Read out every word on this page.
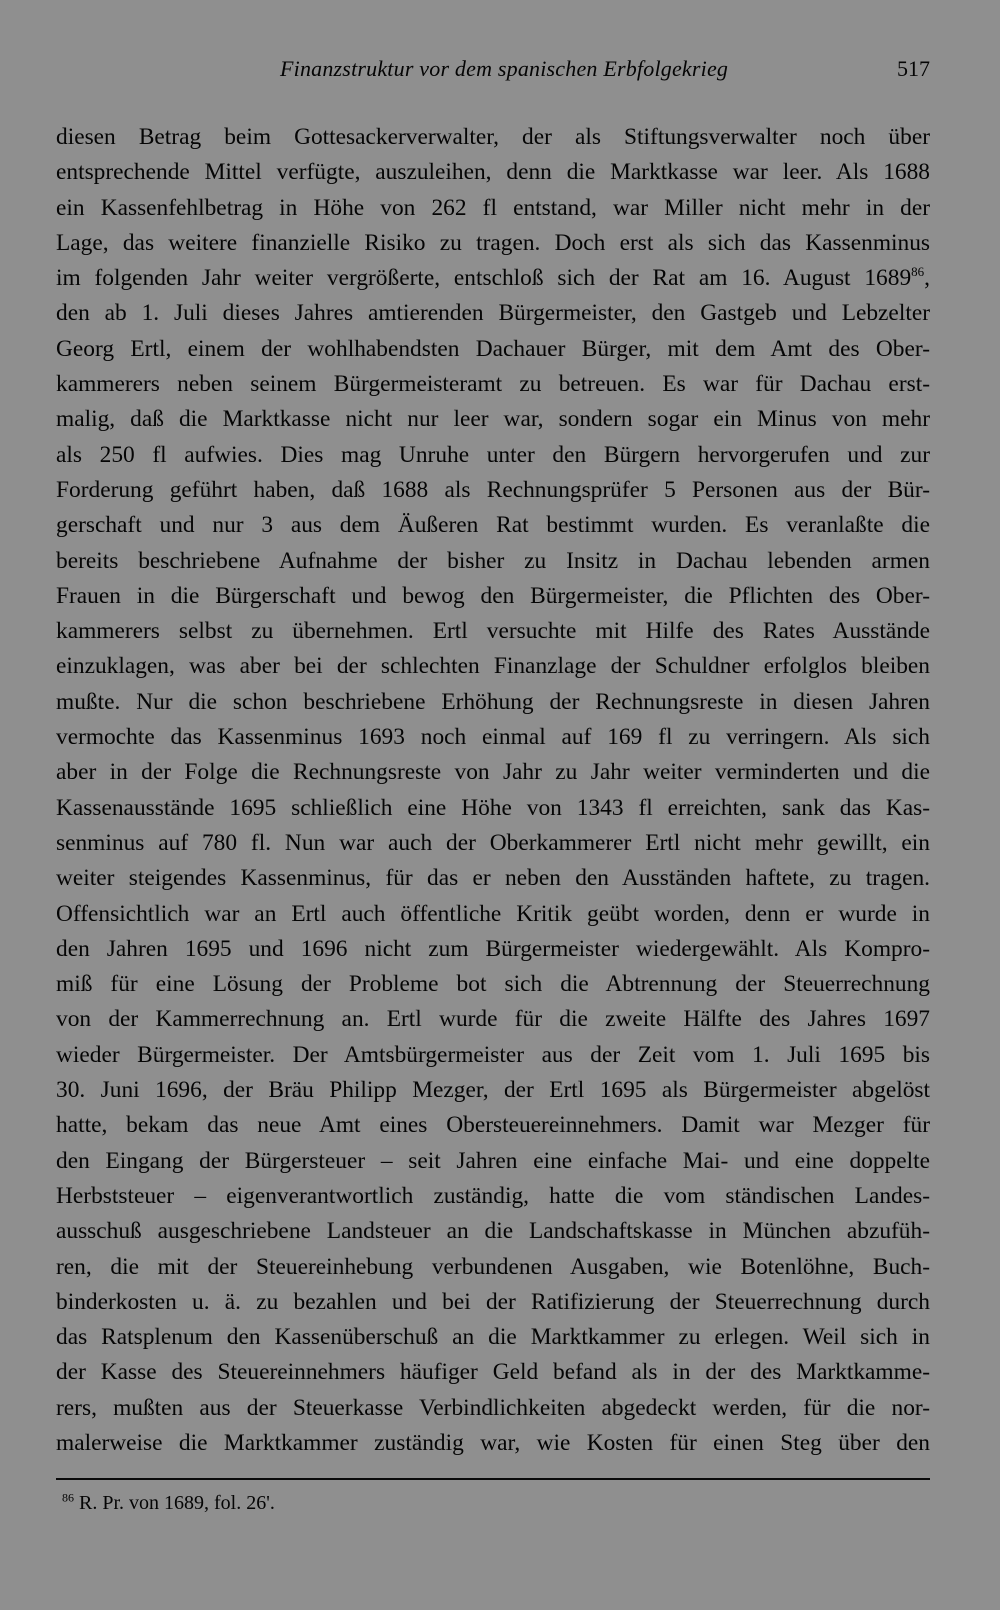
Finanzstruktur vor dem spanischen Erbfolgekrieg	517
diesen Betrag beim Gottesackerverwalter, der als Stiftungsverwalter noch über
entsprechende Mittel verfügte, auszuleihen, denn die Marktkasse war leer. Als 1688
ein Kassenfehlbetrag in Höhe von 262 fl entstand, war Miller nicht mehr in der
Lage, das weitere finanzielle Risiko zu tragen. Doch erst als sich das Kassenminus
im folgenden Jahr weiter vergrößerte, entschloß sich der Rat am 16. August 1689$^{86}$,
den ab 1. Juli dieses Jahres amtierenden Bürgermeister, den Gastgeb und Lebzelter
Georg Ertl, einem der wohlhabendsten Dachauer Bürger, mit dem Amt des Ober-
kammerers neben seinem Bürgermeisteramt zu betreuen. Es war für Dachau erst-
malig, daß die Marktkasse nicht nur leer war, sondern sogar ein Minus von mehr
als 250 fl aufwies. Dies mag Unruhe unter den Bürgern hervorgerufen und zur
Forderung geführt haben, daß 1688 als Rechnungsprüfer 5 Personen aus der Bür-
gerschaft und nur 3 aus dem Äußeren Rat bestimmt wurden. Es veranlaßte die
bereits beschriebene Aufnahme der bisher zu Insitz in Dachau lebenden armen
Frauen in die Bürgerschaft und bewog den Bürgermeister, die Pflichten des Ober-
kammerers selbst zu übernehmen. Ertl versuchte mit Hilfe des Rates Ausstände
einzuklagen, was aber bei der schlechten Finanzlage der Schuldner erfolglos bleiben
mußte. Nur die schon beschriebene Erhöhung der Rechnungsreste in diesen Jahren
vermochte das Kassenminus 1693 noch einmal auf 169 fl zu verringern. Als sich
aber in der Folge die Rechnungsreste von Jahr zu Jahr weiter verminderten und die
Kassenausstände 1695 schließlich eine Höhe von 1343 fl erreichten, sank das Kas-
senminus auf 780 fl. Nun war auch der Oberkammerer Ertl nicht mehr gewillt, ein
weiter steigendes Kassenminus, für das er neben den Ausständen haftete, zu tragen.
Offensichtlich war an Ertl auch öffentliche Kritik geübt worden, denn er wurde in
den Jahren 1695 und 1696 nicht zum Bürgermeister wiedergewählt. Als Kompro-
miß für eine Lösung der Probleme bot sich die Abtrennung der Steuerrechnung
von der Kammerrechnung an. Ertl wurde für die zweite Hälfte des Jahres 1697
wieder Bürgermeister. Der Amtsbürgermeister aus der Zeit vom 1. Juli 1695 bis
30. Juni 1696, der Bräu Philipp Mezger, der Ertl 1695 als Bürgermeister abgelöst
hatte, bekam das neue Amt eines Obersteuereinnehmers. Damit war Mezger für
den Eingang der Bürgersteuer – seit Jahren eine einfache Mai- und eine doppelte
Herbststeuer – eigenverantwortlich zuständig, hatte die vom ständischen Landes-
ausschuß ausgeschriebene Landsteuer an die Landschaftskasse in München abzufüh-
ren, die mit der Steuereinhebung verbundenen Ausgaben, wie Botenlöhne, Buch-
binderkosten u. ä. zu bezahlen und bei der Ratifizierung der Steuerrechnung durch
das Ratsplenum den Kassenüberschuß an die Marktkammer zu erlegen. Weil sich in
der Kasse des Steuereinnehmers häufiger Geld befand als in der des Marktkamme-
rers, mußten aus der Steuerkasse Verbindlichkeiten abgedeckt werden, für die nor-
malerweise die Marktkammer zuständig war, wie Kosten für einen Steg über den
$^{86}$ R. Pr. von 1689, fol. 26'.
